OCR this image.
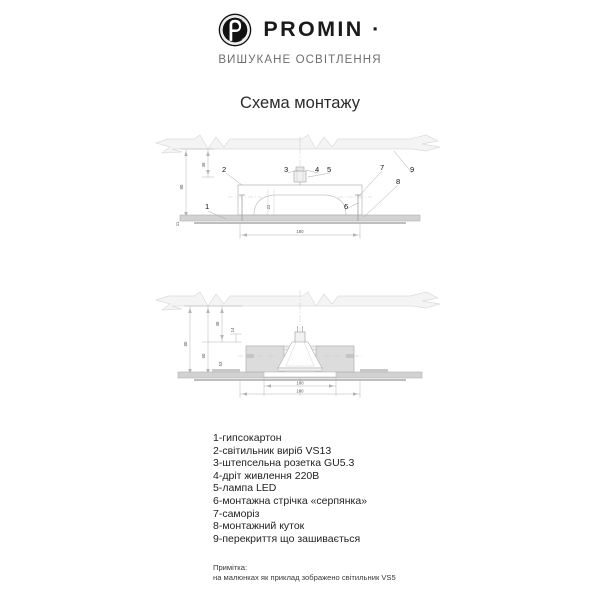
PROMIN ·
ВИШУКАНЕ ОСВІТЛЕННЯ
Схема монтажу
80
38
11
22
1
2	3	4 5
6
7
8
9
180
80
50
38
53
14
100
180
1-гипсокартон
2-світильник виріб VS13
3-штепсельна розетка GU5.3
4-дріт живлення 220В
5-лампа LED
6-монтажна стрічка «серпянка»
7-саморіз
8-монтажний куток
9-перекриття що зашивається
Примітка:
на малюнках як приклад зображено світильник VS5
